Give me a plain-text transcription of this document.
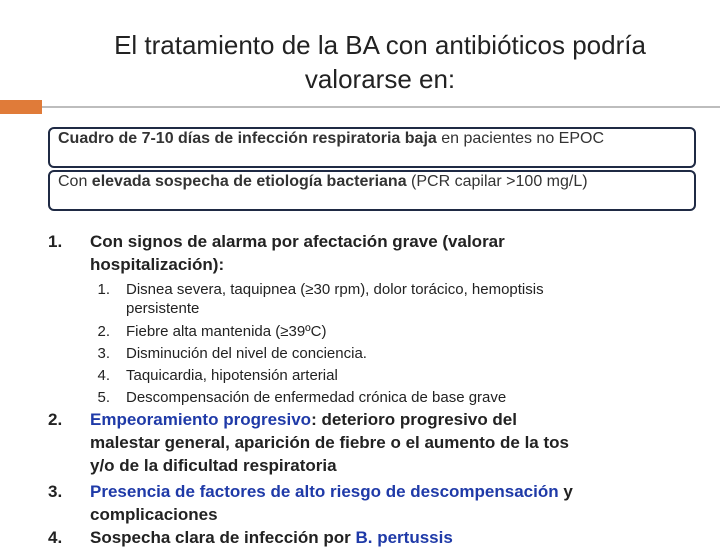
El tratamiento de la BA con antibióticos podría
valorarse en:
Cuadro de 7-10 días de infección respiratoria baja en pacientes no EPOC
Con elevada sospecha de etiología bacteriana (PCR capilar >100 mg/L)
1.	Con signos de alarma por afectación grave (valorar
hospitalización):
1. Disnea severa, taquipnea (≥30 rpm), dolor torácico, hemoptisis
persistente
2. Fiebre alta mantenida (≥39ºC)
3. Disminución del nivel de conciencia.
4. Taquicardia, hipotensión arterial
5. Descompensación de enfermedad crónica de base grave
2.	Empeoramiento progresivo: deterioro progresivo del
malestar general, aparición de fiebre o el aumento de la tos
y/o de la dificultad respiratoria
3.	Presencia de factores de alto riesgo de descompensación y
complicaciones
4.	Sospecha clara de infección por B. pertussis
